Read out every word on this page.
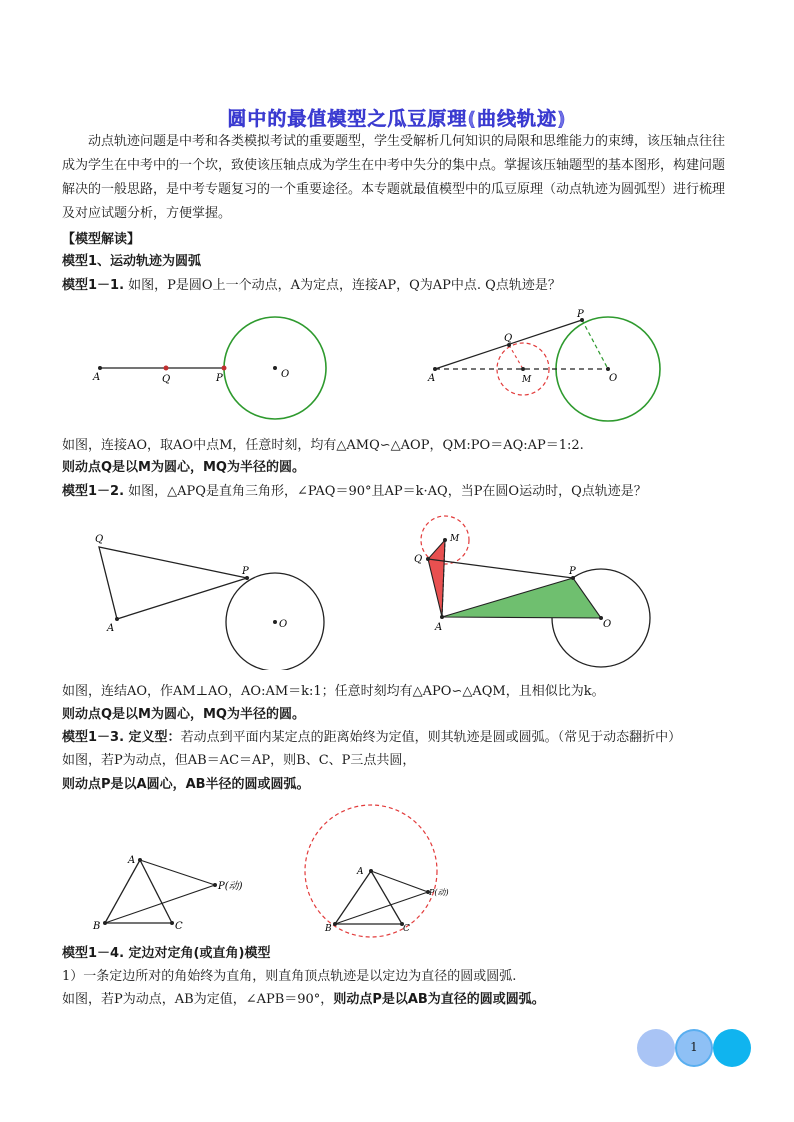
圆中的最值模型之瓜豆原理(曲线轨迹)
动点轨迹问题是中考和各类模拟考试的重要题型，学生受解析几何知识的局限和思维能力的束缚，该压轴点往往成为学生在中考中的一个坎，致使该压轴点成为学生在中考中失分的集中点。掌握该压轴题型的基本图形，构建问题解决的一般思路，是中考专题复习的一个重要途径。本专题就最值模型中的瓜豆原理（动点轨迹为圆弧型）进行梳理及对应试题分析，方便掌握。
【模型解读】
模型1、运动轨迹为圆弧
模型1－1. 如图，P是圆O上一个动点，A为定点，连接AP，Q为AP中点. Q点轨迹是？
A	Q	P	O	A
Q
M
P
O
如图，连接AO，取AO中点M，任意时刻，均有△AMQ∽△AOP，QM:PO＝AQ:AP＝1:2.
则动点Q是以M为圆心，MQ为半径的圆。
模型1－2. 如图，△APQ是直角三角形，∠PAQ＝90°且AP＝k·AQ，当P在圆O运动时，Q点轨迹是？
Q
A
P
O
M
Q
A
P
O
如图，连结AO，作AM⊥AO，AO:AM＝k:1；任意时刻均有△APO∽△AQM，且相似比为k。
则动点Q是以M为圆心，MQ为半径的圆。
模型1－3. 定义型：若动点到平面内某定点的距离始终为定值，则其轨迹是圆或圆弧。（常见于动态翻折中）
如图，若P为动点，但AB＝AC＝AP，则B、C、P三点共圆，
则动点P是以A圆心，AB半径的圆或圆弧。
A
B	C
P(动)
A
B	C
P(动)
模型1－4. 定边对定角(或直角)模型
1）一条定边所对的角始终为直角，则直角顶点轨迹是以定边为直径的圆或圆弧.
如图，若P为动点，AB为定值，∠APB＝90°，则动点P是以AB为直径的圆或圆弧。
1
